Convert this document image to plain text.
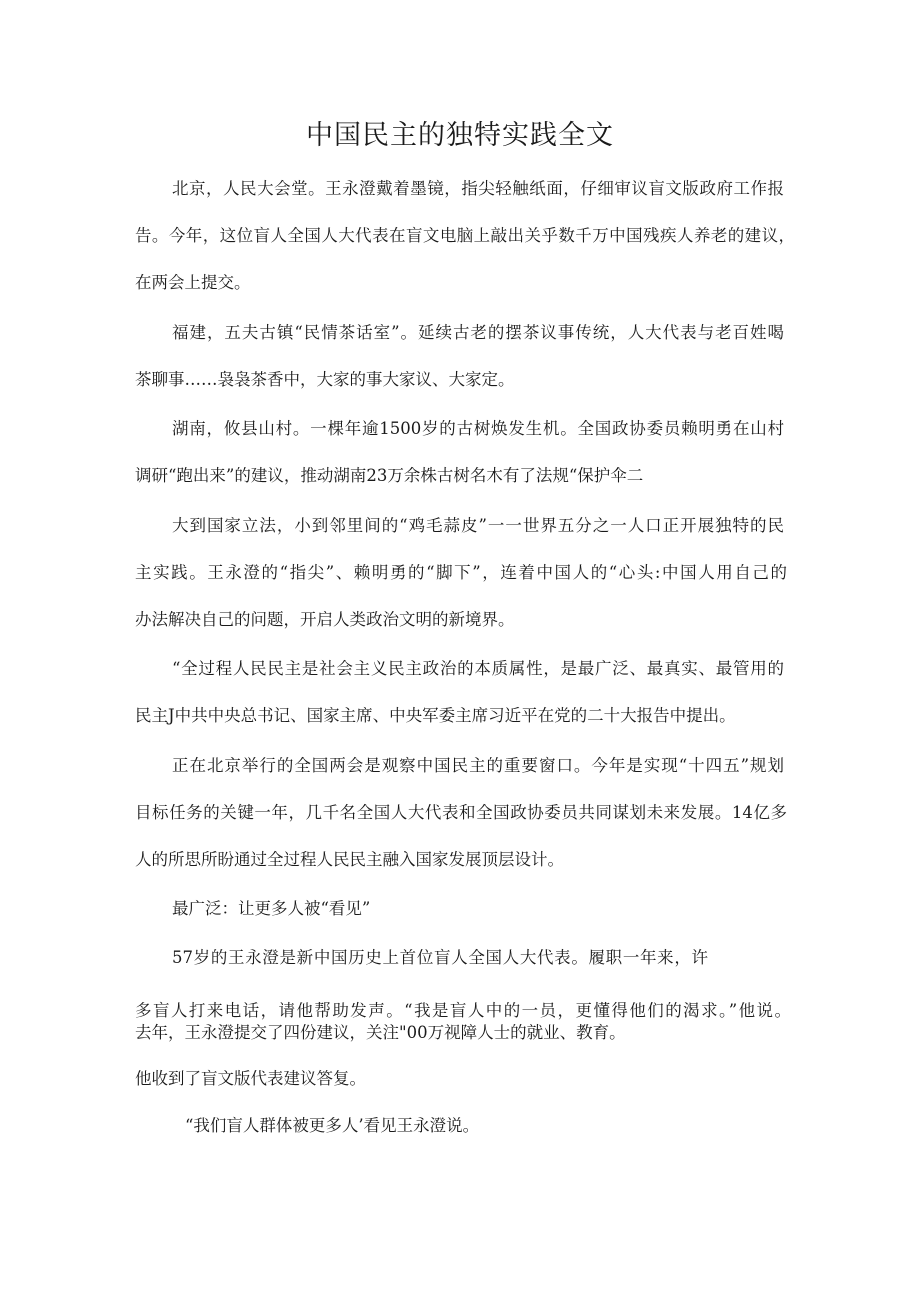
中国民主的独特实践全文

北京，人民大会堂。王永澄戴着墨镜，指尖轻触纸面，仔细审议盲文版政府工作报

告。今年，这位盲人全国人大代表在盲文电脑上敲出关乎数千万中国残疾人养老的建议，

在两会上提交。

福建，五夫古镇“民情茶话室”。延续古老的摆茶议事传统，人大代表与老百姓喝

茶聊事……袅袅茶香中，大家的事大家议、大家定。

湖南，攸县山村。一棵年逾1500岁的古树焕发生机。全国政协委员赖明勇在山村

调研“跑出来”的建议，推动湖南23万余株古树名木有了法规“保护伞二

大到国家立法，小到邻里间的“鸡毛蒜皮”一一世界五分之一人口正开展独特的民

主实践。王永澄的“指尖”、赖明勇的“脚下”，连着中国人的“心头:中国人用自己的

办法解决自己的问题，开启人类政治文明的新境界。

“全过程人民民主是社会主义民主政治的本质属性，是最广泛、最真实、最管用的

民主J中共中央总书记、国家主席、中央军委主席习近平在党的二十大报告中提出。

正在北京举行的全国两会是观察中国民主的重要窗口。今年是实现“十四五”规划

目标任务的关键一年，几千名全国人大代表和全国政协委员共同谋划未来发展。14亿多

人的所思所盼通过全过程人民民主融入国家发展顶层设计。

最广泛：让更多人被“看见”

57岁的王永澄是新中国历史上首位盲人全国人大代表。履职一年来，许

多盲人打来电话，请他帮助发声。“我是盲人中的一员，更懂得他们的渴求。”他说。

去年，王永澄提交了四份建议，关注"00万视障人士的就业、教育。

他收到了盲文版代表建议答复。

“我们盲人群体被更多人’看见王永澄说。
